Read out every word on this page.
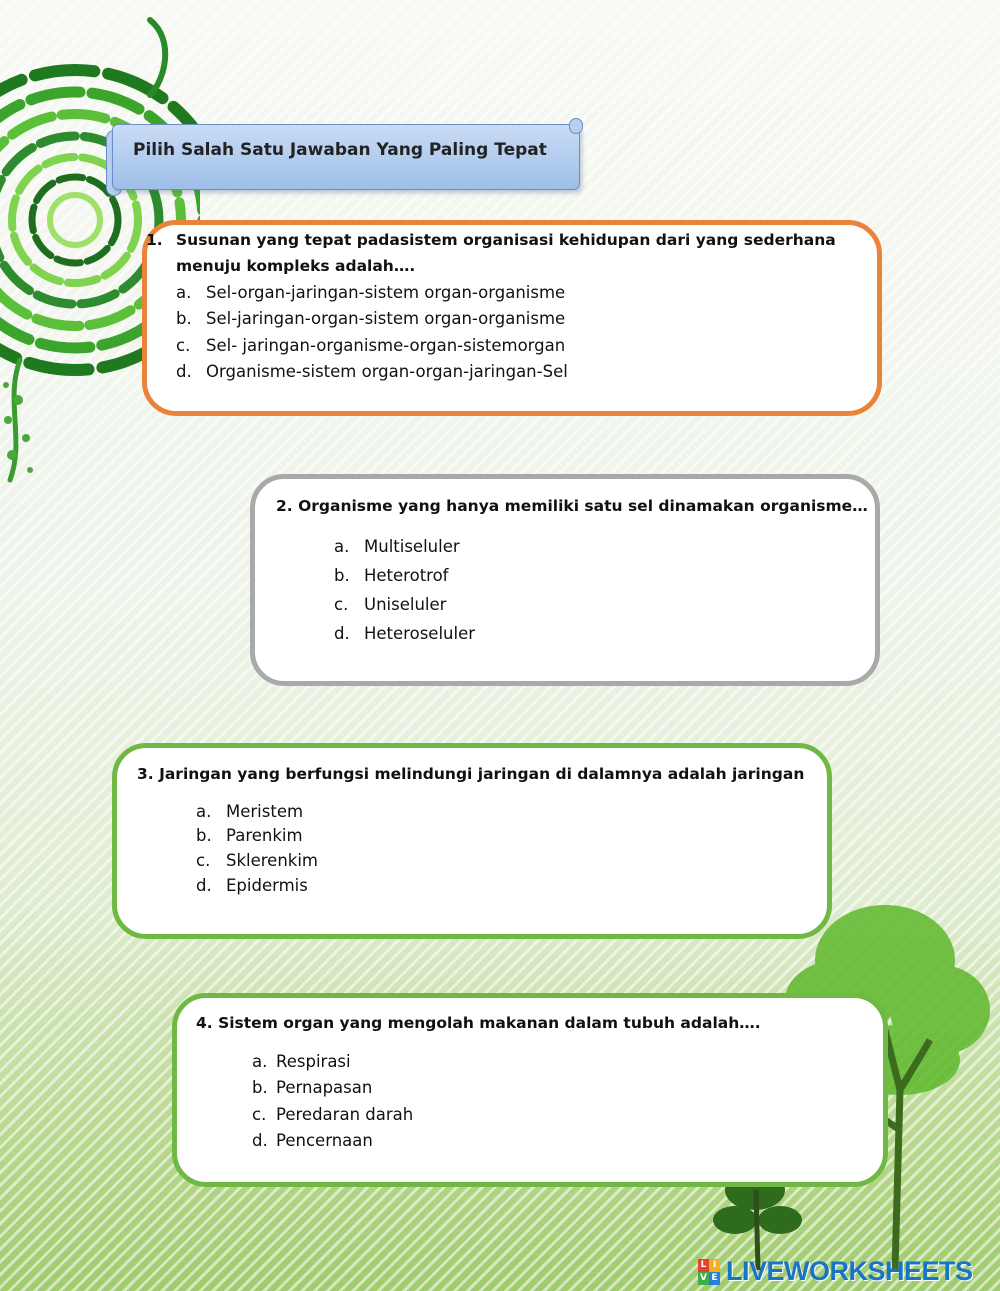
Pilih Salah Satu Jawaban Yang Paling Tepat
1. Susunan yang tepat padasistem organisasi kehidupan dari yang sederhana
menuju kompleks adalah….
a. Sel-organ-jaringan-sistem organ-organisme
b. Sel-jaringan-organ-sistem organ-organisme
c. Sel- jaringan-organisme-organ-sistemorgan
d. Organisme-sistem organ-organ-jaringan-Sel
2. Organisme yang hanya memiliki satu sel dinamakan organisme…
a. Multiseluler
b. Heterotrof
c. Uniseluler
d. Heteroseluler
3. Jaringan yang berfungsi melindungi jaringan di dalamnya adalah jaringan
a. Meristem
b. Parenkim
c. Sklerenkim
d. Epidermis
4. Sistem organ yang mengolah makanan dalam tubuh adalah….
a. Respirasi
b. Pernapasan
c. Peredaran darah
d. Pencernaan
L I
V E LIVEWORKSHEETS
